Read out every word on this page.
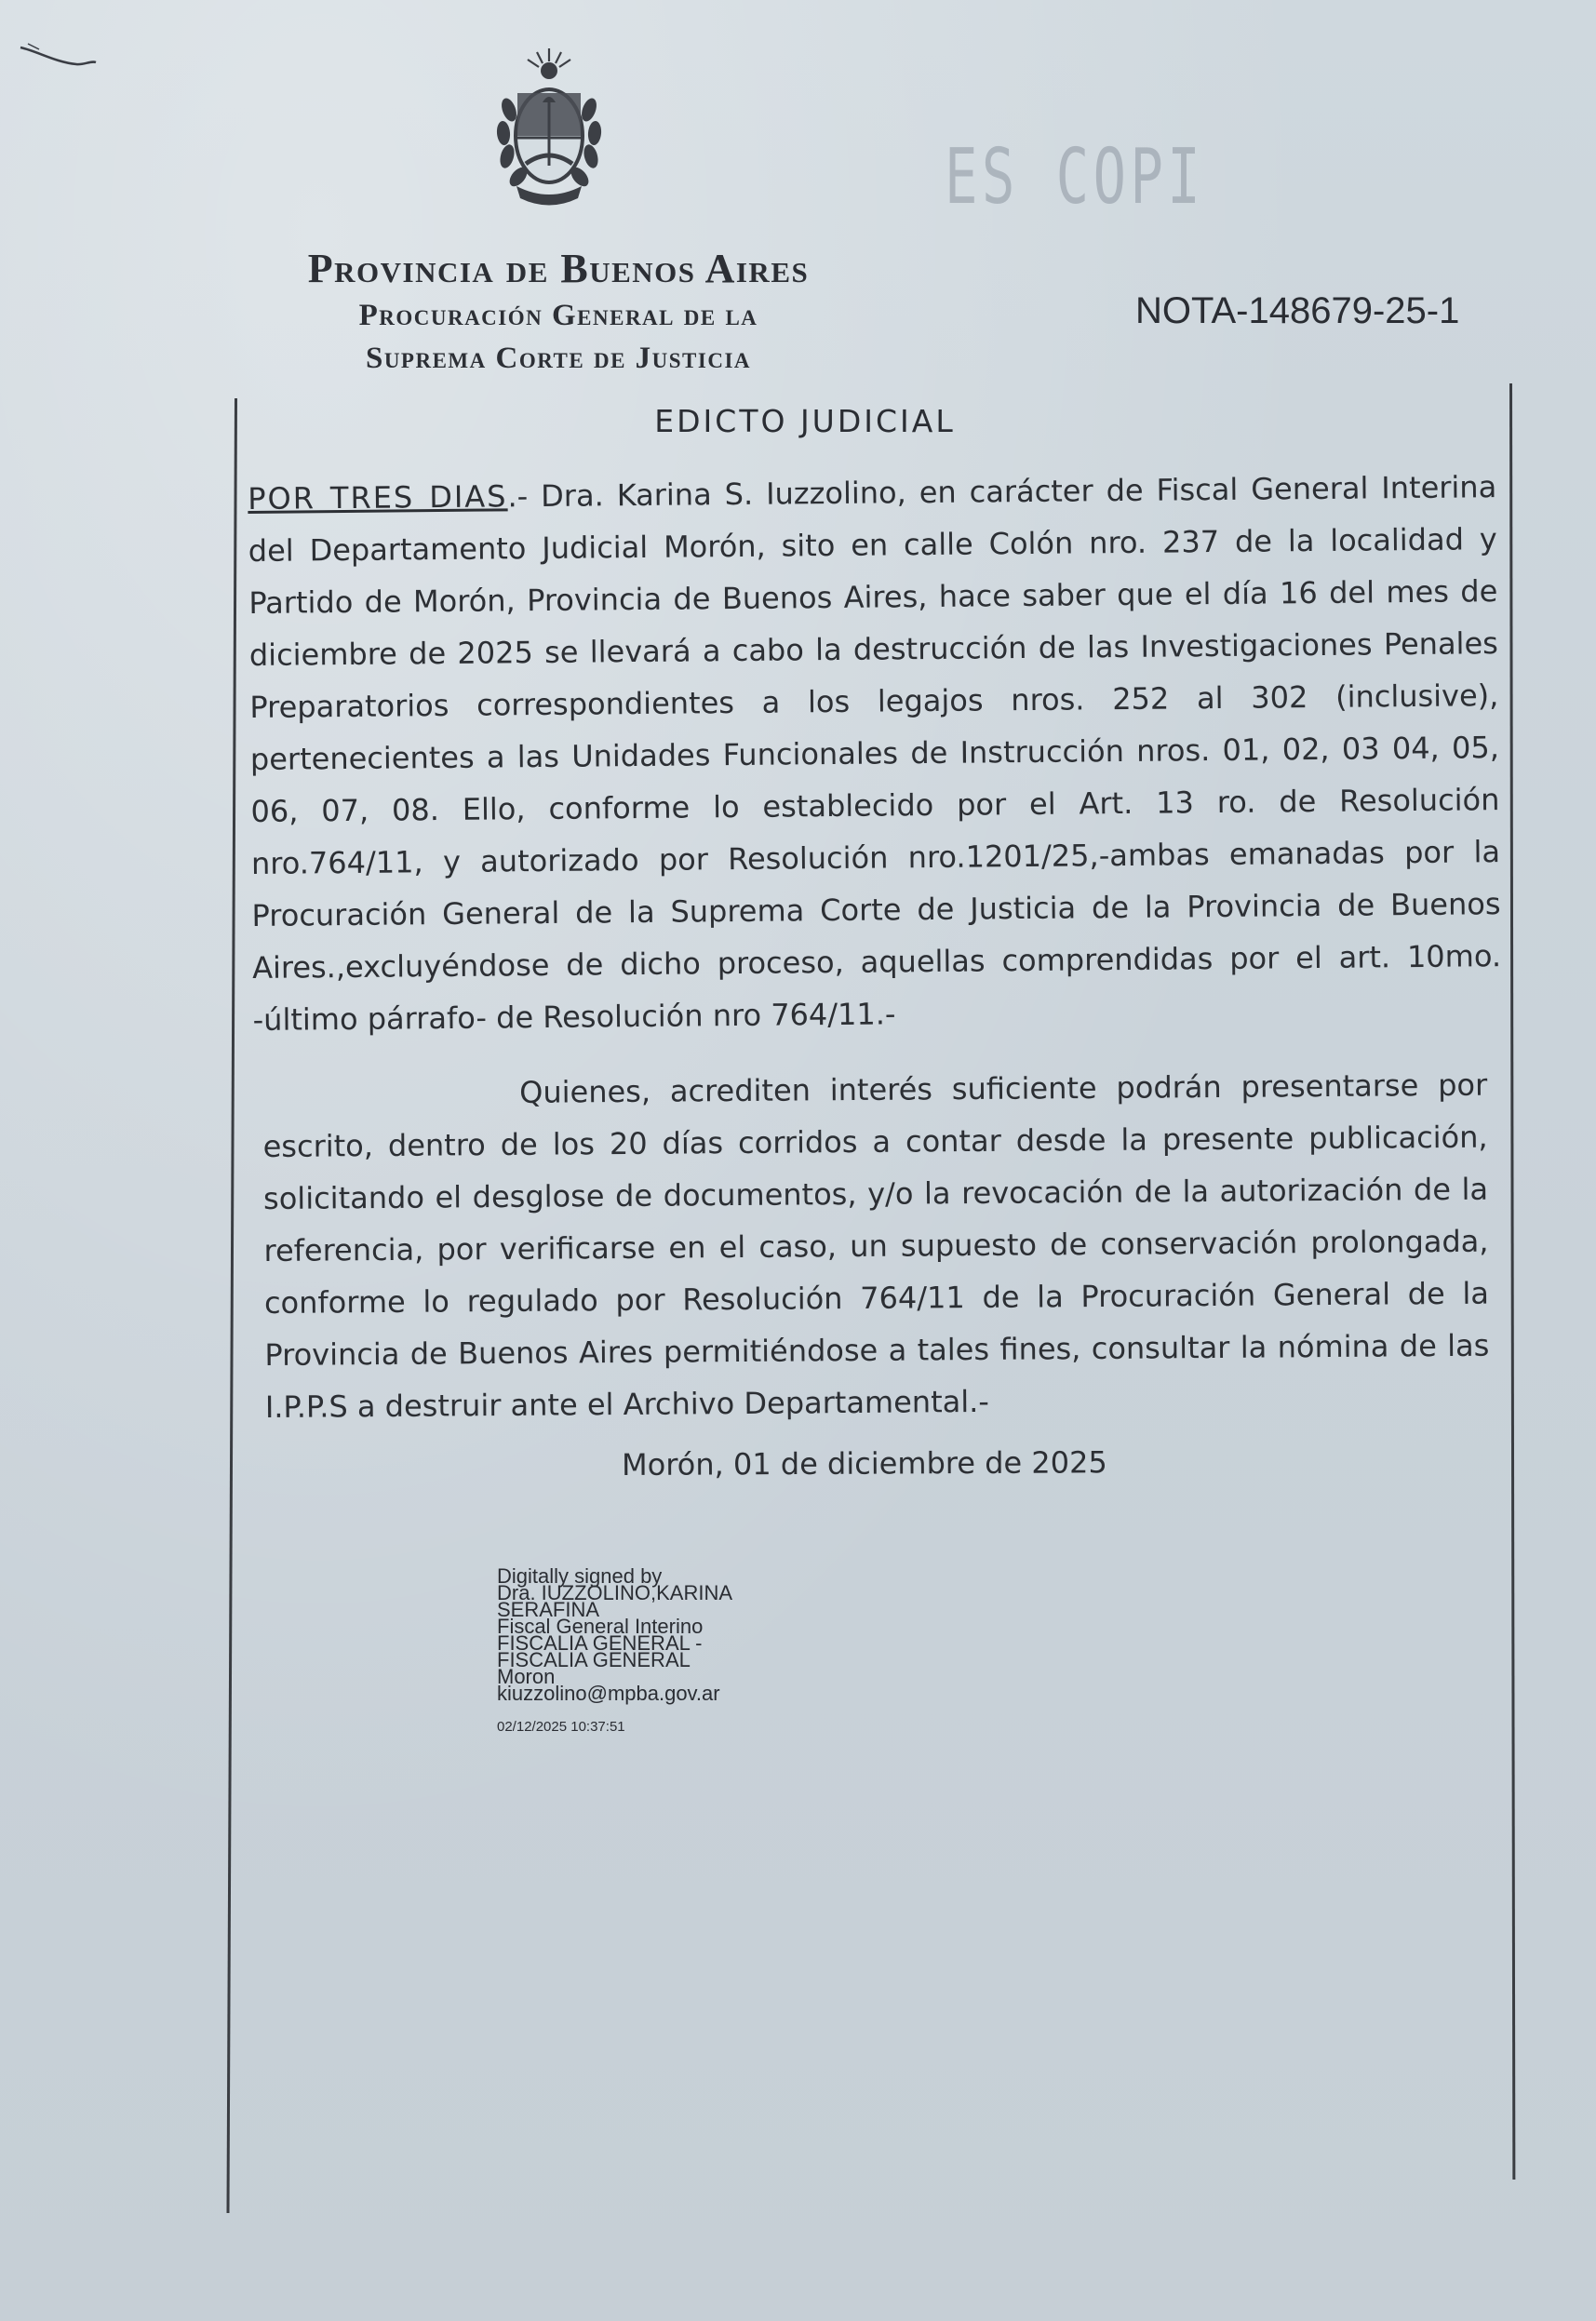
ES COPI
Provincia de Buenos Aires
Procuración General de la
Suprema Corte de Justicia
NOTA-148679-25-1
EDICTO JUDICIAL
POR TRES DIAS.- Dra. Karina S. Iuzzolino, en carácter de Fiscal General Interina del Departamento Judicial Morón, sito en calle Colón nro. 237 de la localidad y Partido de Morón, Provincia de Buenos Aires, hace saber que el día 16 del mes de diciembre de 2025 se llevará a cabo la destrucción de las Investigaciones Penales Preparatorios correspondientes a los legajos nros. 252 al 302 (inclusive), pertenecientes a las Unidades Funcionales de Instrucción nros. 01, 02, 03 04, 05, 06, 07, 08. Ello, conforme lo establecido por el Art. 13 ro. de Resolución nro.764/11, y autorizado por Resolución nro.1201/25,-ambas emanadas por la Procuración General de la Suprema Corte de Justicia de la Provincia de Buenos Aires.,excluyéndose de dicho proceso, aquellas comprendidas por el art. 10mo. -último párrafo- de Resolución nro 764/11.-
Quienes, acrediten interés suficiente podrán presentarse por escrito, dentro de los 20 días corridos a contar desde la presente publicación, solicitando el desglose de documentos, y/o la revocación de la autorización de la referencia, por verificarse en el caso, un supuesto de conservación prolongada, conforme lo regulado por Resolución 764/11 de la Procuración General de la Provincia de Buenos Aires permitiéndose a tales fines, consultar la nómina de las I.P.P.S a destruir ante el Archivo Departamental.-
Morón, 01 de diciembre de 2025
Digitally signed by
Dra. IUZZOLINO,KARINA
SERAFINA
Fiscal General Interino
FISCALIA GENERAL -
FISCALIA GENERAL
Moron
kiuzzolino@mpba.gov.ar
02/12/2025 10:37:51
